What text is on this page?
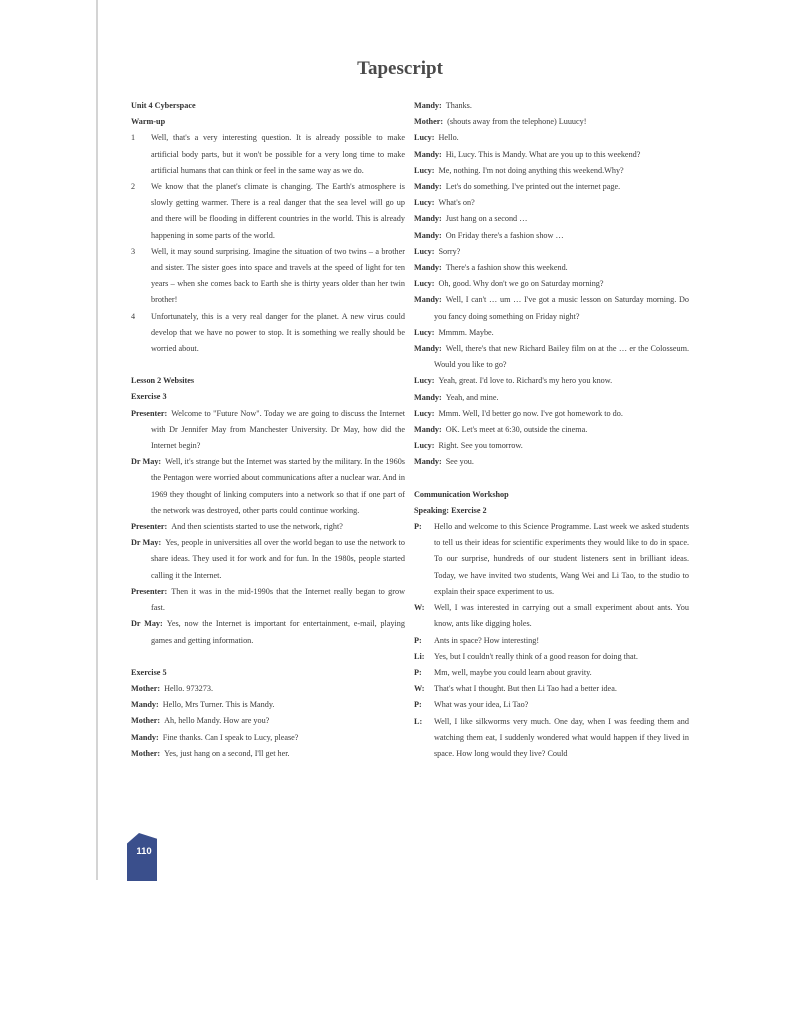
Tapescript
Unit 4 Cyberspace
Warm-up
1	Well, that's a very interesting question. It is already possible to make artificial body parts, but it won't be possible for a very long time to make artificial humans that can think or feel in the same way as we do.
2	We know that the planet's climate is changing. The Earth's atmosphere is slowly getting warmer. There is a real danger that the sea level will go up and there will be flooding in different countries in the world. This is already happening in some parts of the world.
3	Well, it may sound surprising. Imagine the situation of two twins – a brother and sister. The sister goes into space and travels at the speed of light for ten years – when she comes back to Earth she is thirty years older than her twin brother!
4	Unfortunately, this is a very real danger for the planet. A new virus could develop that we have no power to stop. It is something we really should be worried about.
Lesson 2 Websites
Exercise 3
Presenter: Welcome to "Future Now". Today we are going to discuss the Internet with Dr Jennifer May from Manchester University. Dr May, how did the Internet begin?
Dr May: Well, it's strange but the Internet was started by the military. In the 1960s the Pentagon were worried about communications after a nuclear war. And in 1969 they thought of linking computers into a network so that if one part of the network was destroyed, other parts could continue working.
Presenter: And then scientists started to use the network, right?
Dr May: Yes, people in universities all over the world began to use the network to share ideas. They used it for work and for fun. In the 1980s, people started calling it the Internet.
Presenter: Then it was in the mid-1990s that the Internet really began to grow fast.
Dr May: Yes, now the Internet is important for entertainment, e-mail, playing games and getting information.
Exercise 5
Mother: Hello. 973273.
Mandy: Hello, Mrs Turner. This is Mandy.
Mother: Ah, hello Mandy. How are you?
Mandy: Fine thanks. Can I speak to Lucy, please?
Mother: Yes, just hang on a second, I'll get her.
Mandy: Thanks.
Mother: (shouts away from the telephone) Luuucy!
Lucy: Hello.
Mandy: Hi, Lucy. This is Mandy. What are you up to this weekend?
Lucy: Me, nothing. I'm not doing anything this weekend.Why?
Mandy: Let's do something. I've printed out the internet page.
Lucy: What's on?
Mandy: Just hang on a second …
Mandy: On Friday there's a fashion show …
Lucy: Sorry?
Mandy: There's a fashion show this weekend.
Lucy: Oh, good. Why don't we go on Saturday morning?
Mandy: Well, I can't … um … I've got a music lesson on Saturday morning. Do you fancy doing something on Friday night?
Lucy: Mmmm. Maybe.
Mandy: Well, there's that new Richard Bailey film on at the … er the Colosseum. Would you like to go?
Lucy: Yeah, great. I'd love to. Richard's my hero you know.
Mandy: Yeah, and mine.
Lucy: Mmm. Well, I'd better go now. I've got homework to do.
Mandy: OK. Let's meet at 6:30, outside the cinema.
Lucy: Right. See you tomorrow.
Mandy: See you.
Communication Workshop
Speaking: Exercise 2
P: Hello and welcome to this Science Programme. Last week we asked students to tell us their ideas for scientific experiments they would like to do in space. To our surprise, hundreds of our student listeners sent in brilliant ideas. Today, we have invited two students, Wang Wei and Li Tao, to the studio to explain their space experiment to us.
W: Well, I was interested in carrying out a small experiment about ants. You know, ants like digging holes.
P: Ants in space? How interesting!
Li: Yes, but I couldn't really think of a good reason for doing that.
P: Mm, well, maybe you could learn about gravity.
W: That's what I thought. But then Li Tao had a better idea.
P: What was your idea, Li Tao?
L: Well, I like silkworms very much. One day, when I was feeding them and watching them eat, I suddenly wondered what would happen if they lived in space. How long would they live? Could
110
